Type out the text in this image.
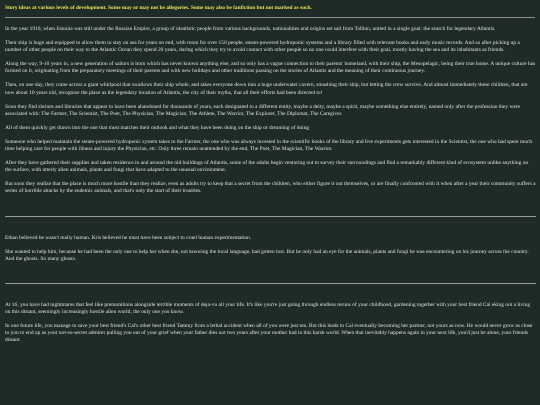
Story ideas at various levels of development. Some may or may not be allegories. Some may also be fanfiction but not marked as such.

In the year 1910, when Estonia was still under the Russian Empire, a group of idealistic people from various backgrounds, nationalities and origins set sail from Tallinn, united in a single goal: the search for legendary Atlantis.

Their ship is huge and equipped to allow them to stay on sea for years on end, with room for over 150 people, steam-powered hydroponic systems and a library filled with relevant books and early music records. And so after picking up a number of other people on their way to the Atlantic Ocean they spend 20 years, during which they try to avoid contact with other people so no one could interfere with their goal, mostly having the sea and its inhabitants as friends.

Along the way, 9-10 years in, a new generation of sailors is born which has never known anything else, and so only has a vague connection to their parents' homeland, with their ship, the Mesopelagic, being their true home. A unique culture has formed on it, originating from the preparatory meetings of their parents and with new holidays and other traditions passing on the stories of Atlantis and the meaning of their continuous journey.

Then, on one day, they come across a giant whirlpool that swallows their ship whole, and takes everyone down into a huge underwater cavern, smashing their ship, but letting the crew survive. And almost immediately these children, that are now about 10 years old, recognize the place as the legendary location of Atlantis, the city of their myths, that all their efforts had been directed to!

Soon they find shrines and libraries that appear to have been abandoned for thousands of years, each designated to a different entity, maybe a deity, maybe a spirit, maybe something else entirely, named only after the profession they were associated with: The Farmer, The Scientist, The Poet, The Physician, The Magician, The Athlete, The Warrior, The Explorer, The Diplomat, The Caregiver.

All of them quickly get drawn into the one that most matches their outlook and what they have been doing on the ship or dreaming of doing

Someone who helped maintain the steam-powered hydroponic system takes to the Farmer, the one who was always invested in the scientific books of the library and live experiments gets interested in the Scientist, the one who had spent much time helping care for people with illness and injury the Physician, etc. Only three remain unattended by the end, The Poet, The Magician, The Warrior.

After they have gathered their supplies and taken residence in and around the old buildings of Atlantis, some of the adults begin venturing out to survey their surroundings and find a remarkably different kind of ecosystem unlike anything on the surface, with utterly alien animals, plants and fungi that have adapted to the unusual environment.

But soon they realize that the place is much more hostile than they realize, even as adults try to keep that a secret from the children, who either figure it out themselves, or are finally confronted with it when after a year their community suffers a series of horrible attacks by the endemic animals, and that's only the start of their troubles.

Ethan believed he wasn't really human. Kris believed he must have been subject to cruel human experimentation.

She wanted to help him, because he had been the only one to help her when she, not knowing the local language, had gotten lost. But he only had an eye for the animals, plants and fungi he was encountering on his journey across the country. And the ghosts. So many ghosts.

At 16, you have had nightmares that feel like premonitions alongside terrible moments of deja-vu all your life. It's like you're just going through endless reruns of your childhood, gardening together with your best friend Cal eking out a living on this distant, seemingly increasingly hostile alien world, the only one you know.

In one future life, you manage to save your best friend's Cal's other best friend Tammy from a lethal accident when all of you were just ten. But this leads to Cal eventually becoming her partner, not yours as now. He would never grow as close to you to end up as your not-so-secret admirer pulling you out of your grief when your father dies not two years after your mother had in this harsh world. When that inevitably happens again in your next life, you'd just be alone, your friends distant.
